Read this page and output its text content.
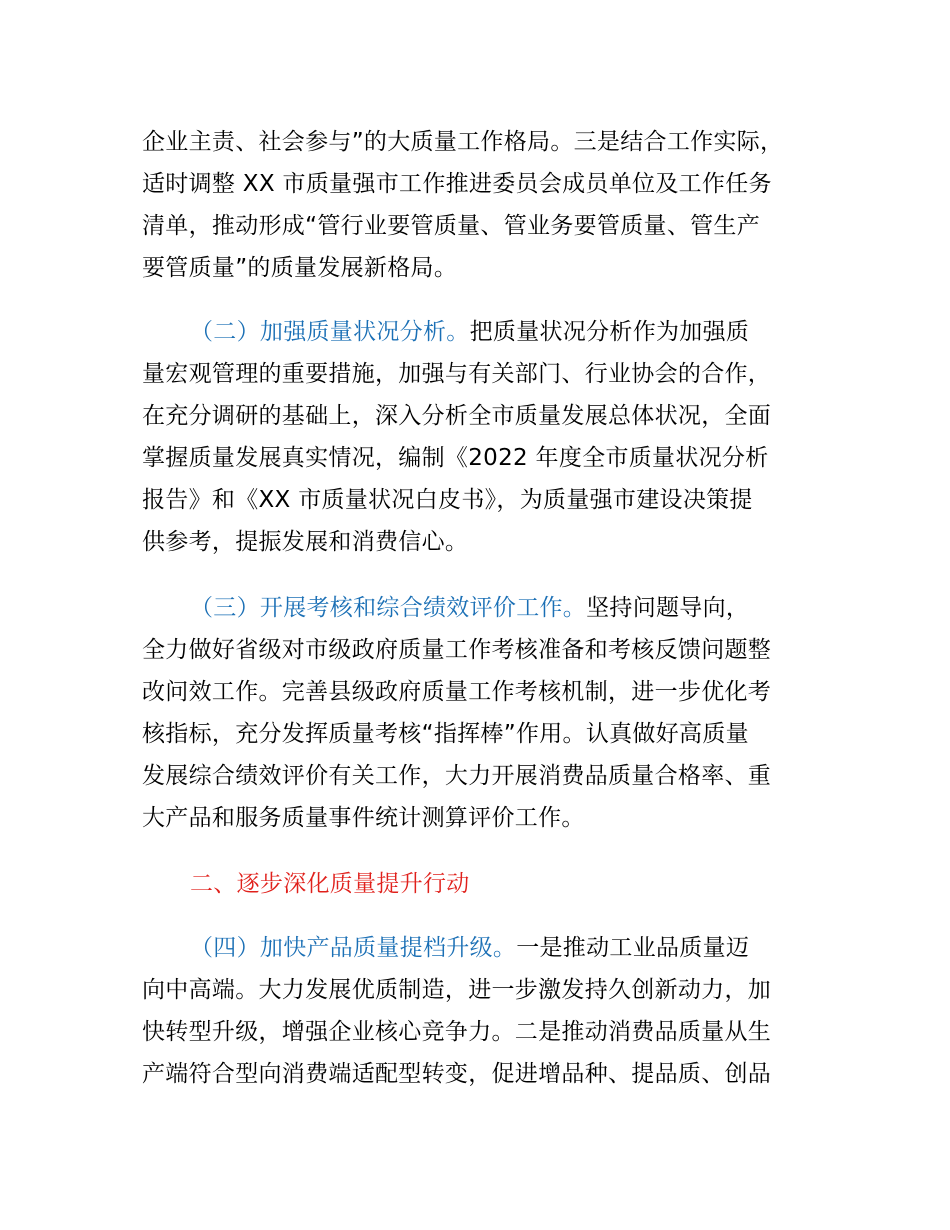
企业主责、社会参与”的大质量工作格局。三是结合工作实际，
适时调整 XX 市质量强市工作推进委员会成员单位及工作任务
清单，推动形成“管行业要管质量、管业务要管质量、管生产
要管质量”的质量发展新格局。
（二）加强质量状况分析。把质量状况分析作为加强质
量宏观管理的重要措施，加强与有关部门、行业协会的合作，
在充分调研的基础上，深入分析全市质量发展总体状况，全面
掌握质量发展真实情况，编制《2022 年度全市质量状况分析
报告》和《XX 市质量状况白皮书》，为质量强市建设决策提
供参考，提振发展和消费信心。
（三）开展考核和综合绩效评价工作。坚持问题导向，
全力做好省级对市级政府质量工作考核准备和考核反馈问题整
改问效工作。完善县级政府质量工作考核机制，进一步优化考
核指标，充分发挥质量考核“指挥棒”作用。认真做好高质量
发展综合绩效评价有关工作，大力开展消费品质量合格率、重
大产品和服务质量事件统计测算评价工作。
二、逐步深化质量提升行动
（四）加快产品质量提档升级。一是推动工业品质量迈
向中高端。大力发展优质制造，进一步激发持久创新动力，加
快转型升级，增强企业核心竞争力。二是推动消费品质量从生
产端符合型向消费端适配型转变，促进增品种、提品质、创品
